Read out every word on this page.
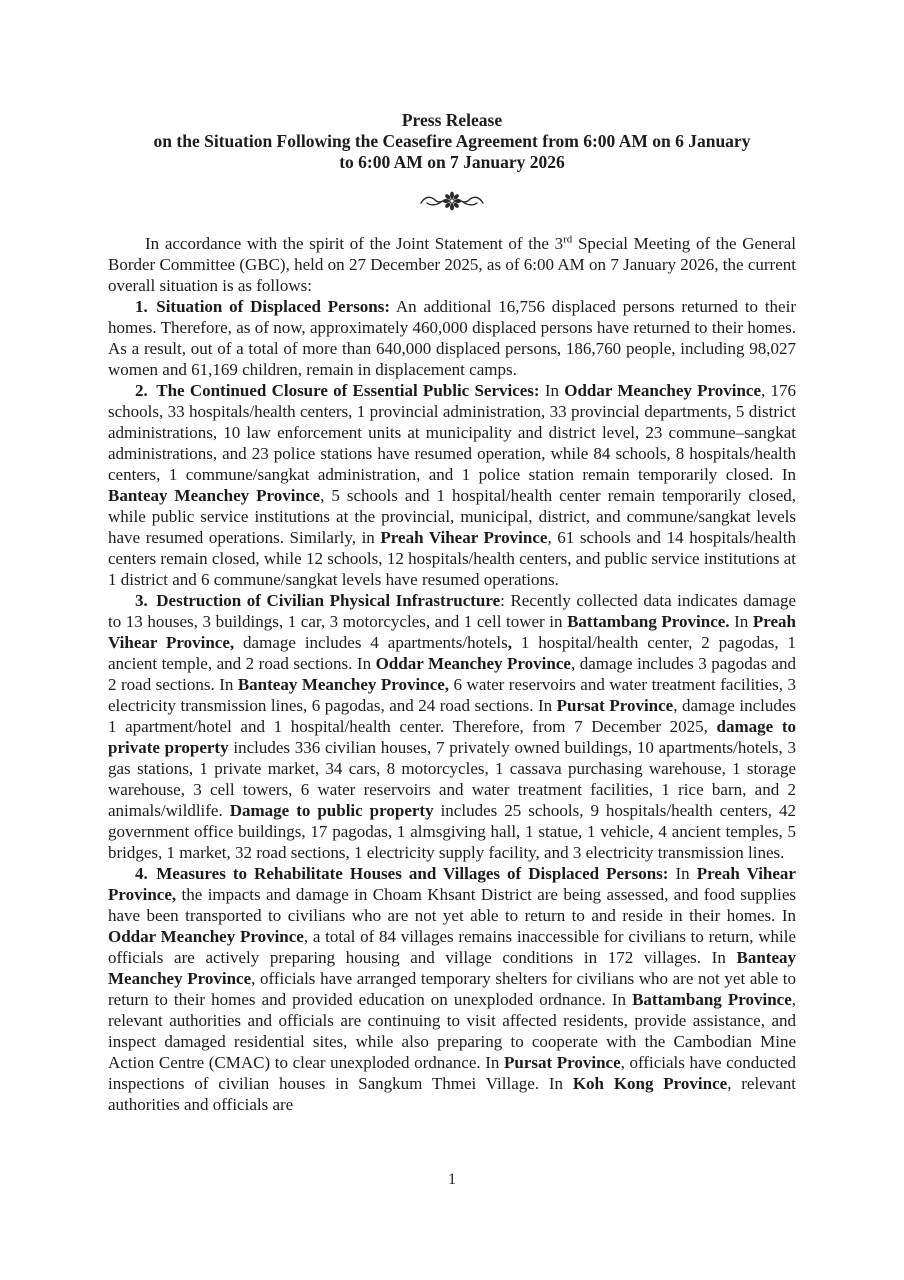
Press Release
on the Situation Following the Ceasefire Agreement from 6:00 AM on 6 January
to 6:00 AM on 7 January 2026

In accordance with the spirit of the Joint Statement of the 3rd Special Meeting of the General Border Committee (GBC), held on 27 December 2025, as of 6:00 AM on 7 January 2026, the current overall situation is as follows:

1. Situation of Displaced Persons: An additional 16,756 displaced persons returned to their homes. Therefore, as of now, approximately 460,000 displaced persons have returned to their homes. As a result, out of a total of more than 640,000 displaced persons, 186,760 people, including 98,027 women and 61,169 children, remain in displacement camps.

2. The Continued Closure of Essential Public Services: In Oddar Meanchey Province, 176 schools, 33 hospitals/health centers, 1 provincial administration, 33 provincial departments, 5 district administrations, 10 law enforcement units at municipality and district level, 23 commune–sangkat administrations, and 23 police stations have resumed operation, while 84 schools, 8 hospitals/health centers, 1 commune/sangkat administration, and 1 police station remain temporarily closed. In Banteay Meanchey Province, 5 schools and 1 hospital/health center remain temporarily closed, while public service institutions at the provincial, municipal, district, and commune/sangkat levels have resumed operations. Similarly, in Preah Vihear Province, 61 schools and 14 hospitals/health centers remain closed, while 12 schools, 12 hospitals/health centers, and public service institutions at 1 district and 6 commune/sangkat levels have resumed operations.

3. Destruction of Civilian Physical Infrastructure: Recently collected data indicates damage to 13 houses, 3 buildings, 1 car, 3 motorcycles, and 1 cell tower in Battambang Province. In Preah Vihear Province, damage includes 4 apartments/hotels, 1 hospital/health center, 2 pagodas, 1 ancient temple, and 2 road sections. In Oddar Meanchey Province, damage includes 3 pagodas and 2 road sections. In Banteay Meanchey Province, 6 water reservoirs and water treatment facilities, 3 electricity transmission lines, 6 pagodas, and 24 road sections. In Pursat Province, damage includes 1 apartment/hotel and 1 hospital/health center. Therefore, from 7 December 2025, damage to private property includes 336 civilian houses, 7 privately owned buildings, 10 apartments/hotels, 3 gas stations, 1 private market, 34 cars, 8 motorcycles, 1 cassava purchasing warehouse, 1 storage warehouse, 3 cell towers, 6 water reservoirs and water treatment facilities, 1 rice barn, and 2 animals/wildlife. Damage to public property includes 25 schools, 9 hospitals/health centers, 42 government office buildings, 17 pagodas, 1 almsgiving hall, 1 statue, 1 vehicle, 4 ancient temples, 5 bridges, 1 market, 32 road sections, 1 electricity supply facility, and 3 electricity transmission lines.

4. Measures to Rehabilitate Houses and Villages of Displaced Persons: In Preah Vihear Province, the impacts and damage in Choam Khsant District are being assessed, and food supplies have been transported to civilians who are not yet able to return to and reside in their homes. In Oddar Meanchey Province, a total of 84 villages remains inaccessible for civilians to return, while officials are actively preparing housing and village conditions in 172 villages. In Banteay Meanchey Province, officials have arranged temporary shelters for civilians who are not yet able to return to their homes and provided education on unexploded ordnance. In Battambang Province, relevant authorities and officials are continuing to visit affected residents, provide assistance, and inspect damaged residential sites, while also preparing to cooperate with the Cambodian Mine Action Centre (CMAC) to clear unexploded ordnance. In Pursat Province, officials have conducted inspections of civilian houses in Sangkum Thmei Village. In Koh Kong Province, relevant authorities and officials are

1
